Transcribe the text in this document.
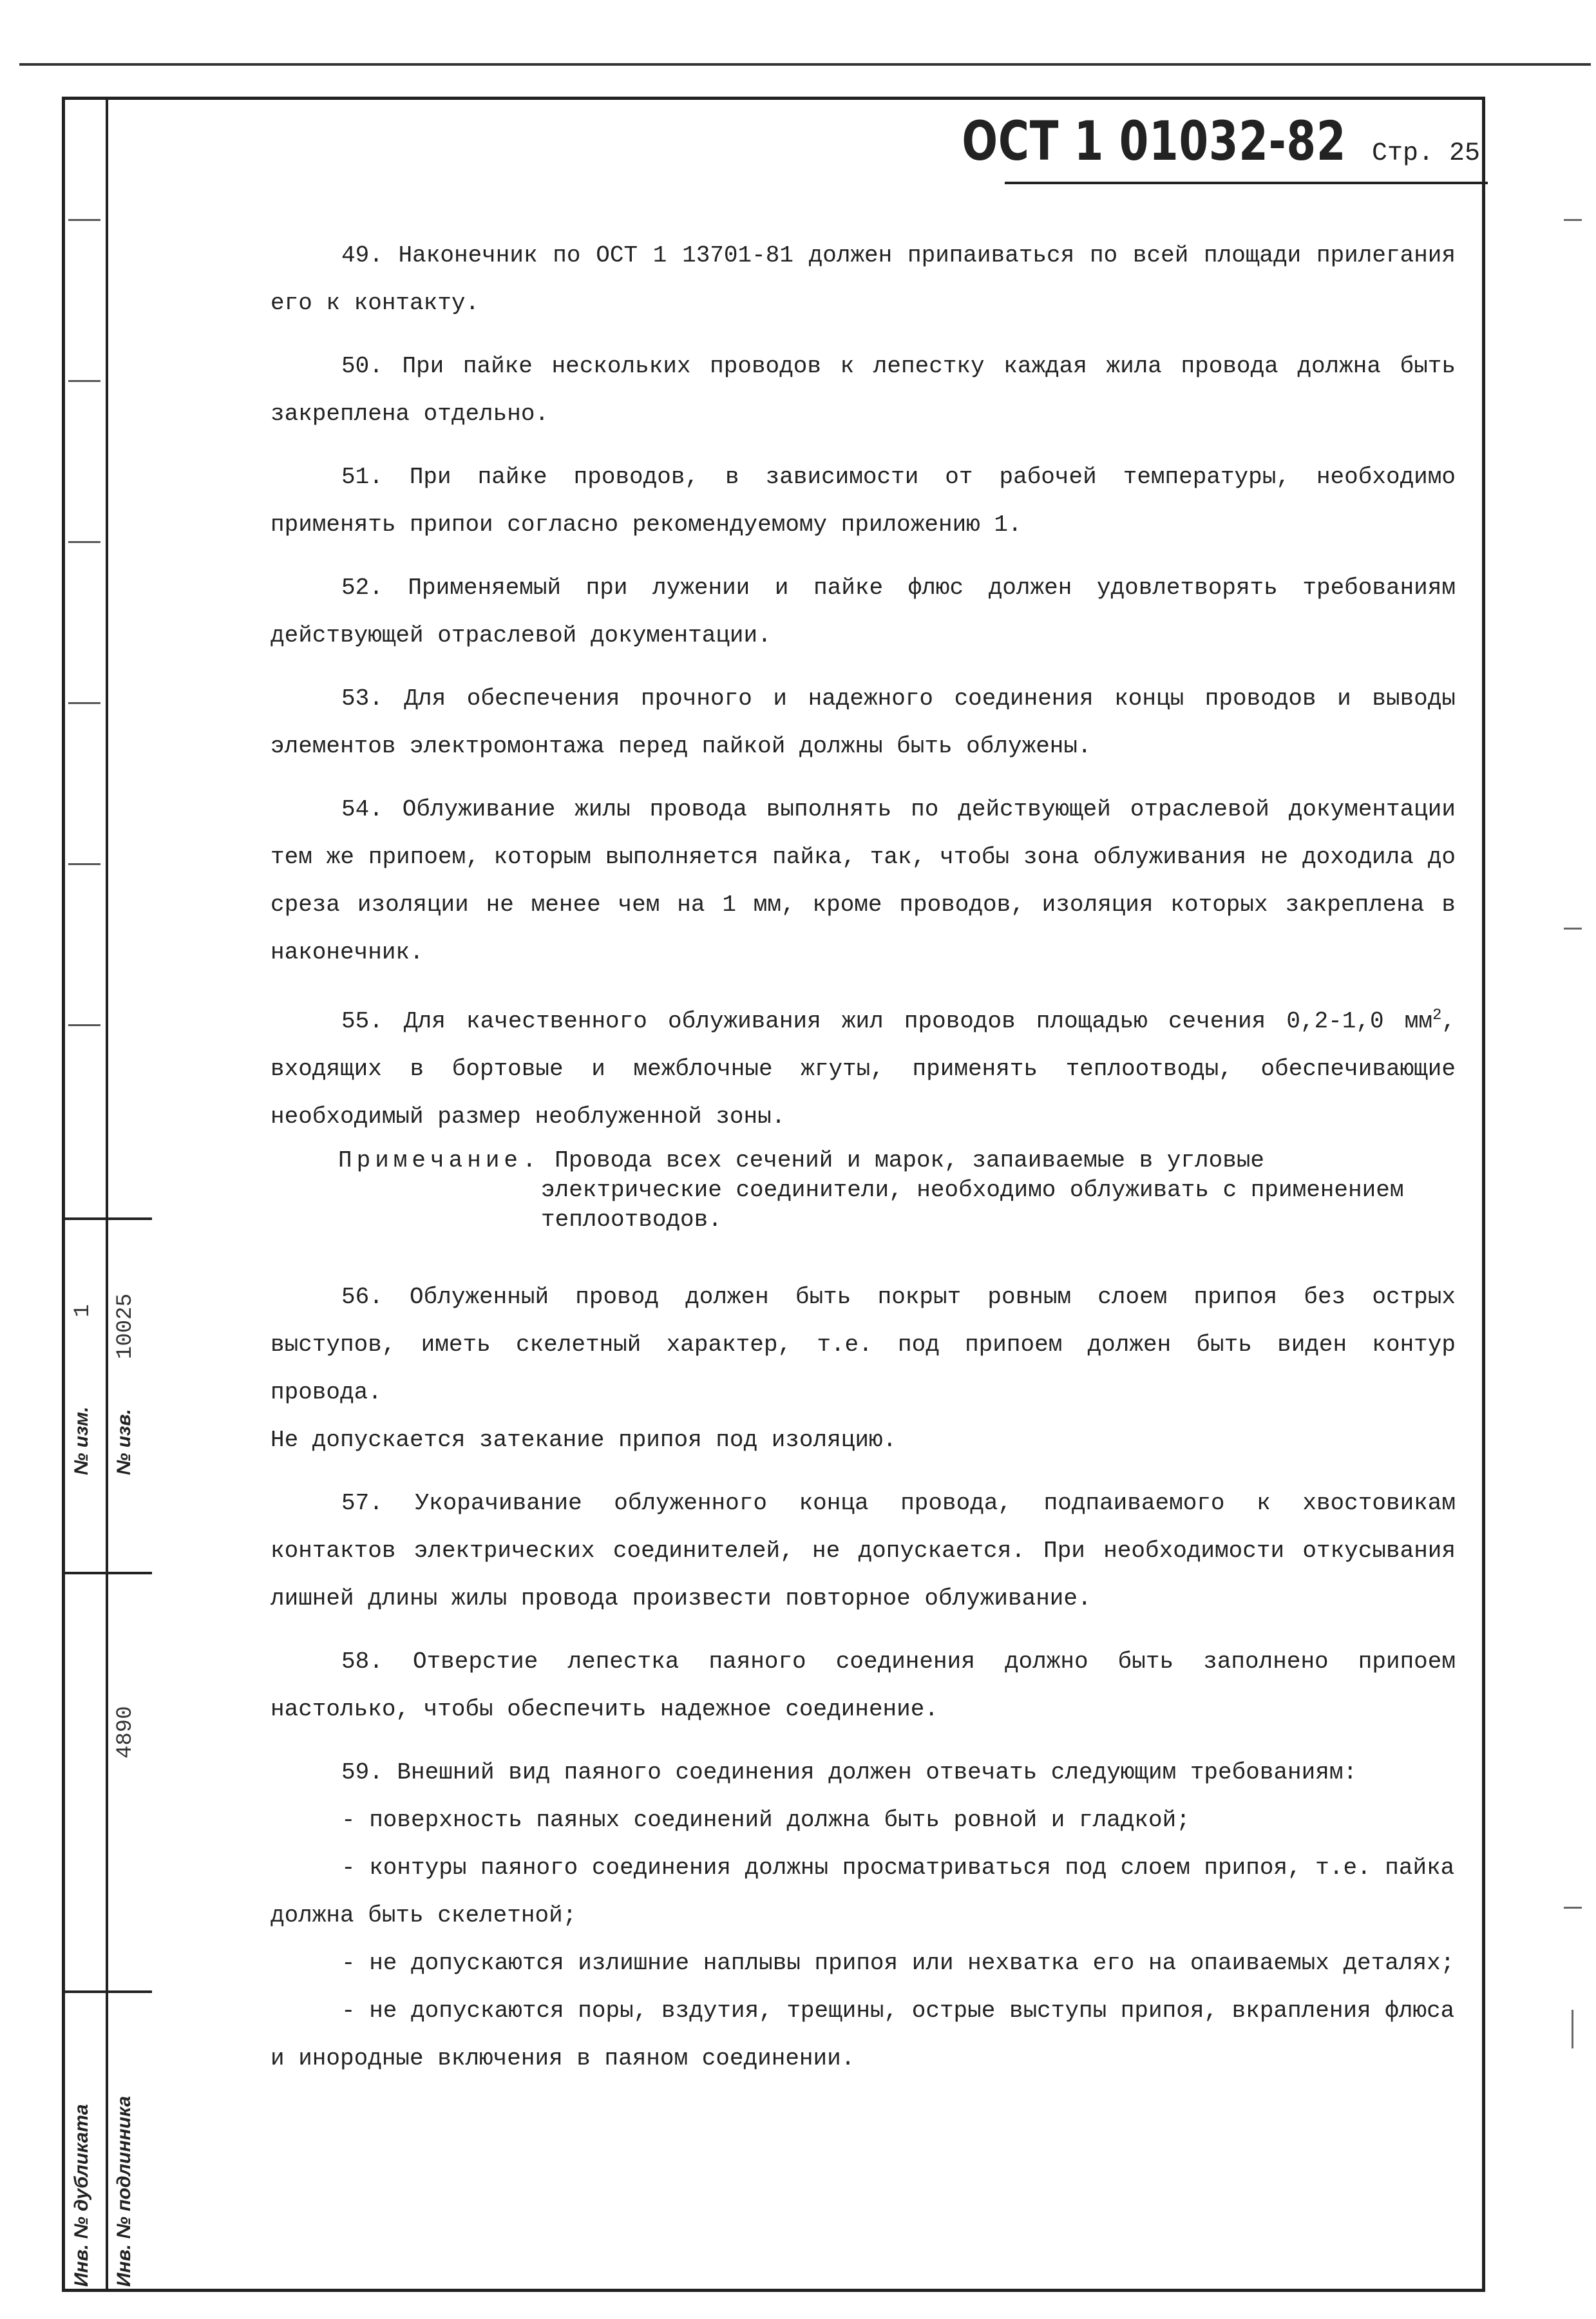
№ изм.
1
№ изв.
10025
4890
Инв. № дубликата Инв. № подлинника
ОСТ 1 01032-82 Стр. 25

49. Наконечник по ОСТ 1 13701-81 должен припаиваться по всей площади прилегания его к контакту.

50. При пайке нескольких проводов к лепестку каждая жила провода должна быть закреплена отдельно.

51. При пайке проводов, в зависимости от рабочей температуры, необходимо применять припои согласно рекомендуемому приложению 1.

52. Применяемый при лужении и пайке флюс должен удовлетворять требованиям действующей отраслевой документации.

53. Для обеспечения прочного и надежного соединения концы проводов и выводы элементов электромонтажа перед пайкой должны быть облужены.

54. Облуживание жилы провода выполнять по действующей отраслевой документации тем же припоем, которым выполняется пайка, так, чтобы зона облуживания не доходила до среза изоляции не менее чем на 1 мм, кроме проводов, изоляция которых закреплена в наконечник.

55. Для качественного облуживания жил проводов площадью сечения 0,2-1,0 $мм^2$, входящих в бортовые и межблочные жгуты, применять теплоотводы, обеспечивающие необходимый размер необлуженной зоны.

Примечание. Провода всех сечений и марок, запаиваемые в угловые электрические соединители, необходимо облуживать с применением теплоотводов.

56. Облуженный провод должен быть покрыт ровным слоем припоя без острых выступов, иметь скелетный характер, т.е. под припоем должен быть виден контур провода.

Не допускается затекание припоя под изоляцию.

57. Укорачивание облуженного конца провода, подпаиваемого к хвостовикам контактов электрических соединителей, не допускается. При необходимости откусывания лишней длины жилы провода произвести повторное облуживание.

58. Отверстие лепестка паяного соединения должно быть заполнено припоем настолько, чтобы обеспечить надежное соединение.

59. Внешний вид паяного соединения должен отвечать следующим требованиям:

- поверхность паяных соединений должна быть ровной и гладкой;

- контуры паяного соединения должны просматриваться под слоем припоя, т.е. пайка должна быть скелетной;

- не допускаются излишние наплывы припоя или нехватка его на опаиваемых деталях;

- не допускаются поры, вздутия, трещины, острые выступы припоя, вкрапления флюса и инородные включения в паяном соединении.
